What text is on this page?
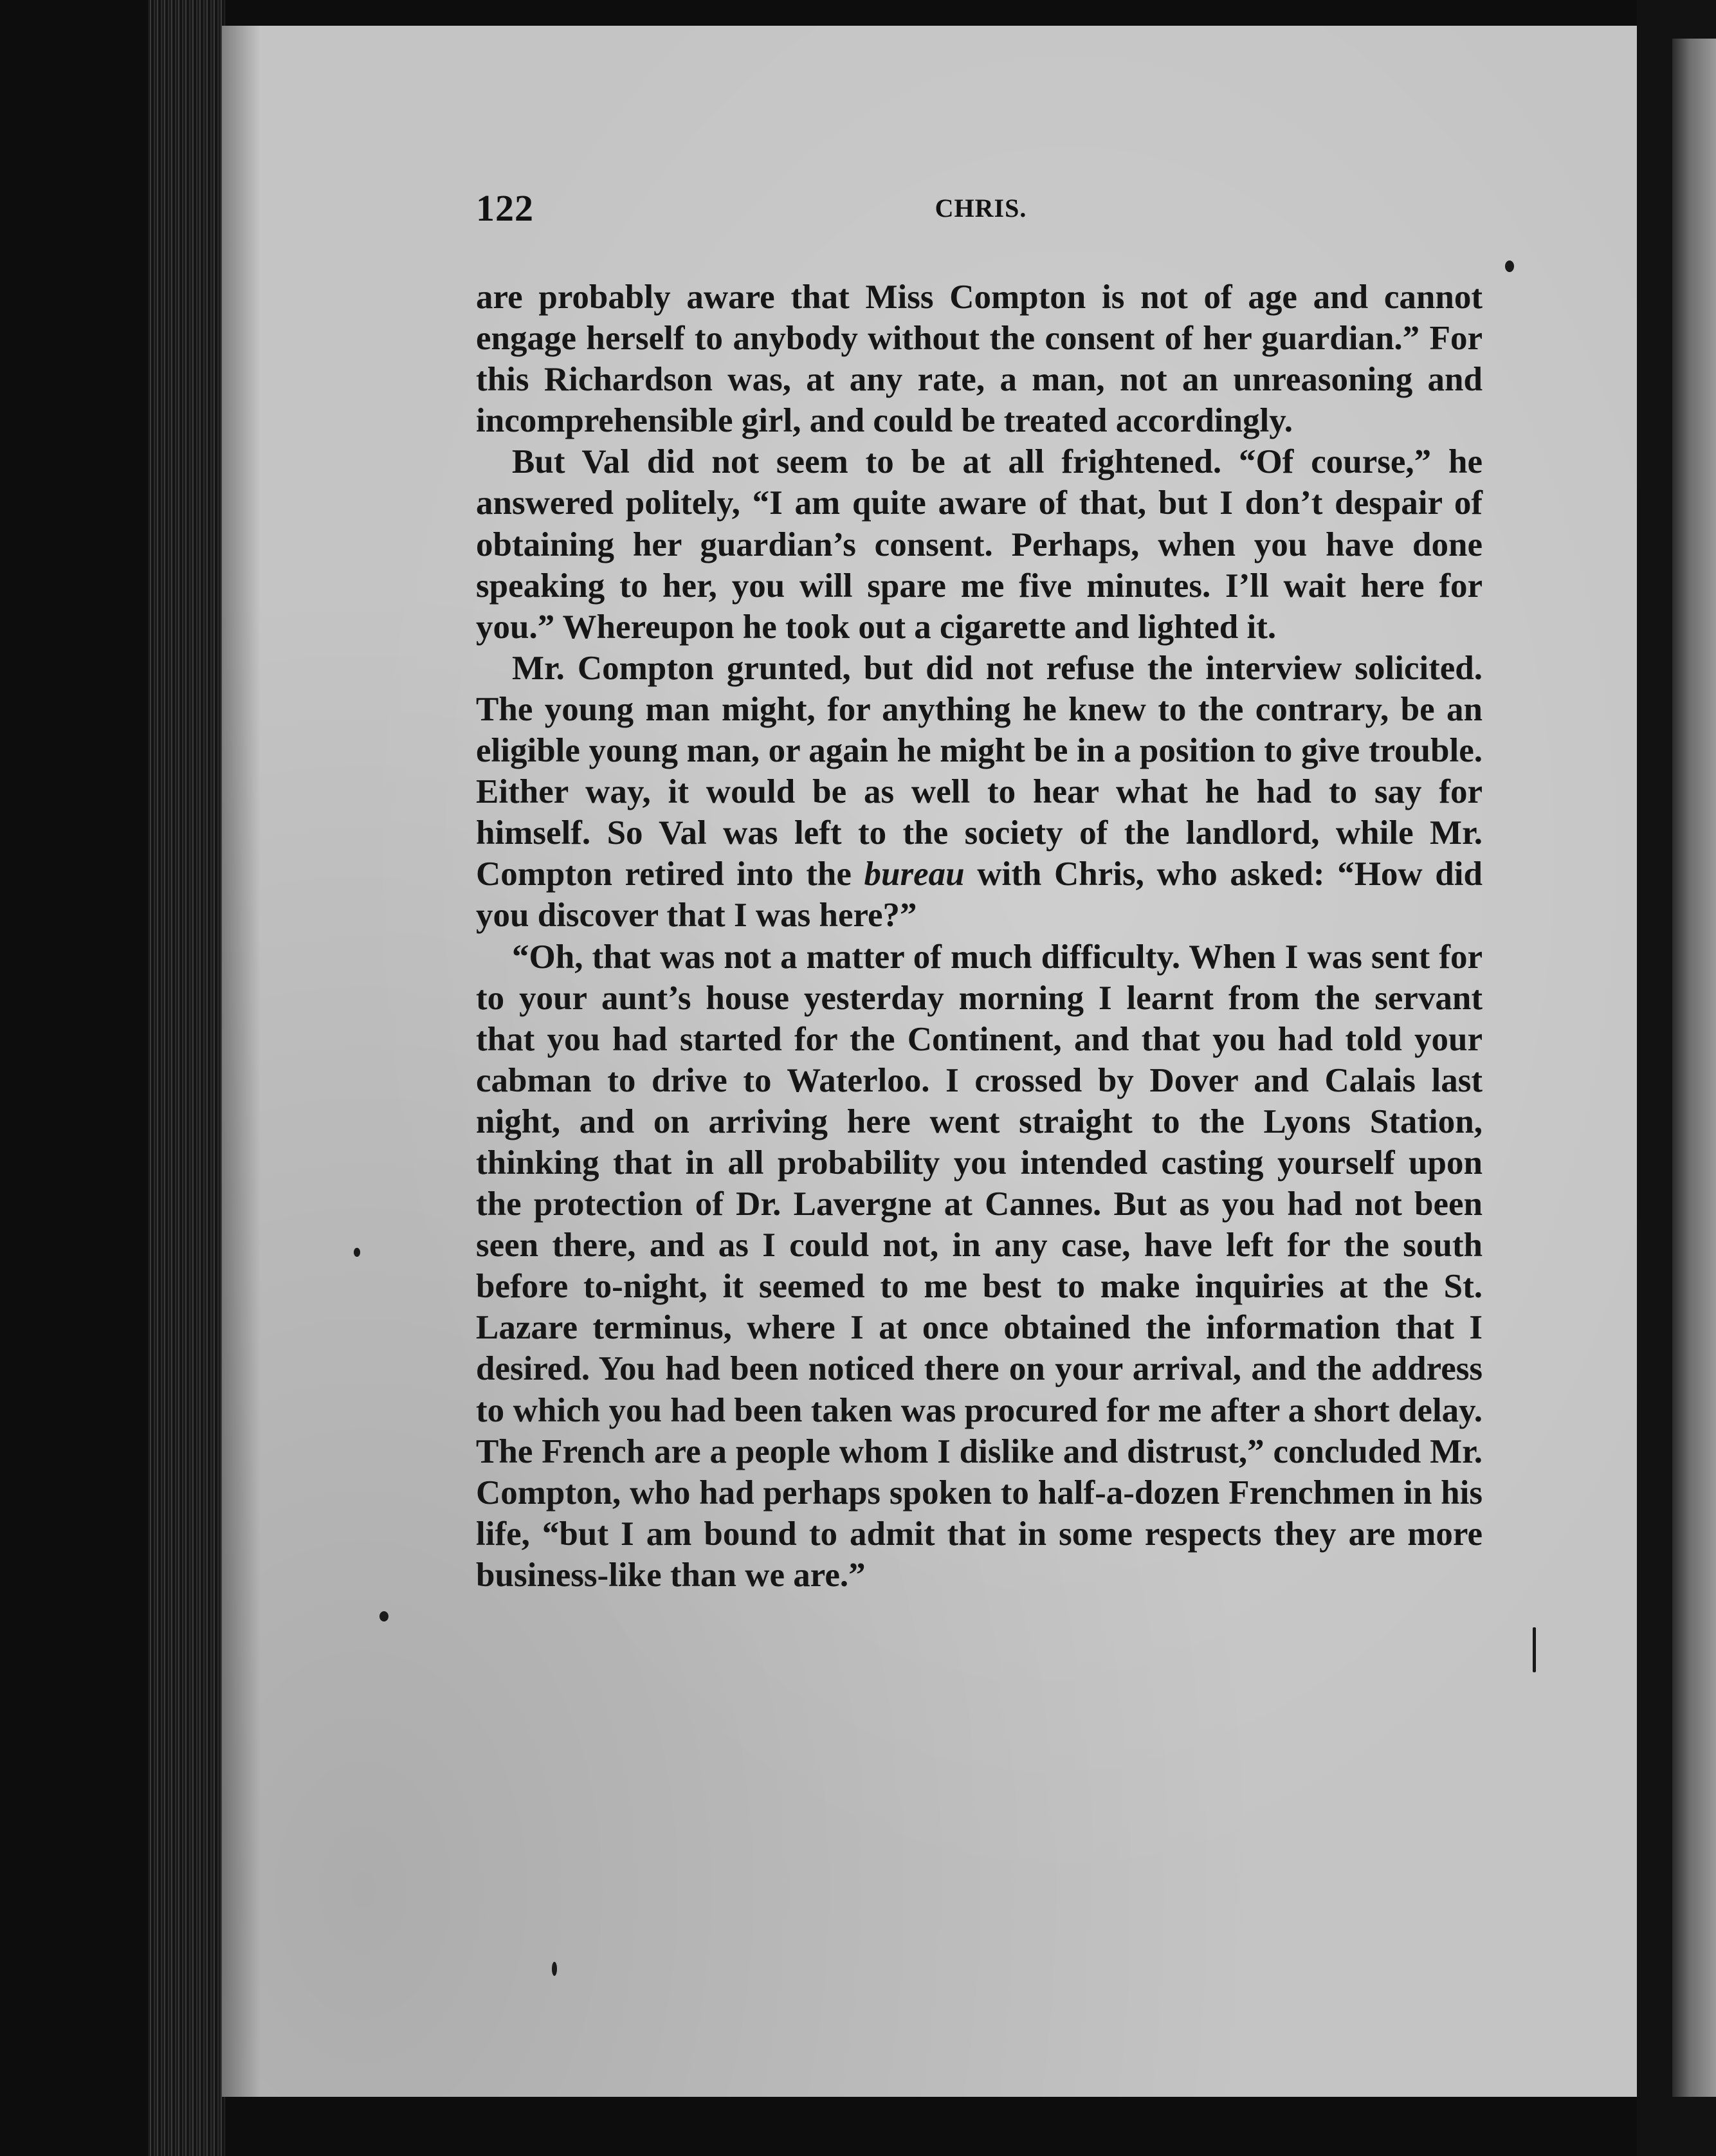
122	CHRIS.

are probably aware that Miss Compton is not of age and cannot engage herself to anybody without the consent of her guardian.” For this Richardson was, at any rate, a man, not an unreasoning and incomprehensible girl, and could be treated accordingly.

But Val did not seem to be at all frightened. “Of course,” he answered politely, “I am quite aware of that, but I don’t despair of obtaining her guardian’s consent. Perhaps, when you have done speaking to her, you will spare me five minutes. I’ll wait here for you.” Whereupon he took out a cigarette and lighted it.

Mr. Compton grunted, but did not refuse the interview solicited. The young man might, for anything he knew to the contrary, be an eligible young man, or again he might be in a position to give trouble. Either way, it would be as well to hear what he had to say for himself. So Val was left to the society of the landlord, while Mr. Compton retired into the bureau with Chris, who asked: “How did you discover that I was here?”

“Oh, that was not a matter of much difficulty. When I was sent for to your aunt’s house yesterday morning I learnt from the servant that you had started for the Continent, and that you had told your cabman to drive to Waterloo. I crossed by Dover and Calais last night, and on arriving here went straight to the Lyons Station, thinking that in all probability you intended casting yourself upon the protection of Dr. Lavergne at Cannes. But as you had not been seen there, and as I could not, in any case, have left for the south before to-night, it seemed to me best to make inquiries at the St. Lazare terminus, where I at once obtained the information that I desired. You had been noticed there on your arrival, and the address to which you had been taken was procured for me after a short delay. The French are a people whom I dislike and distrust,” concluded Mr. Compton, who had perhaps spoken to half-a-dozen Frenchmen in his life, “but I am bound to admit that in some respects they are more business-like than we are.”
